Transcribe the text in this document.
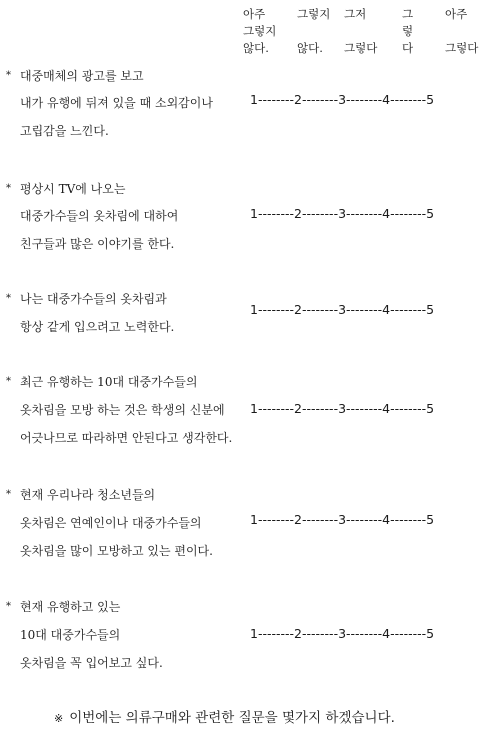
아주
그렇지
않다.
그렇지

않다.
그저

그렇다
그
렇
다
아주

그렇다
* 대중매체의 광고를 보고
내가 유행에 뒤져 있을 때 소외감이나
고립감을 느낀다.
1--------2--------3--------4--------5
* 평상시 TV에 나오는
대중가수들의 옷차림에 대하여
친구들과 많은 이야기를 한다.
1--------2--------3--------4--------5
* 나는 대중가수들의 옷차림과
항상 같게 입으려고 노력한다.
1--------2--------3--------4--------5
* 최근 유행하는 10대 대중가수들의
옷차림을 모방 하는 것은 학생의 신분에
어긋나므로 따라하면 안된다고 생각한다.
1--------2--------3--------4--------5
* 현재 우리나라 청소년들의
옷차림은 연예인이나 대중가수들의
옷차림을 많이 모방하고 있는 편이다.
1--------2--------3--------4--------5
* 현재 유행하고 있는
10대 대중가수들의
옷차림을 꼭 입어보고 싶다.
1--------2--------3--------4--------5
※ 이번에는 의류구매와 관련한 질문을 몇가지 하겠습니다.
